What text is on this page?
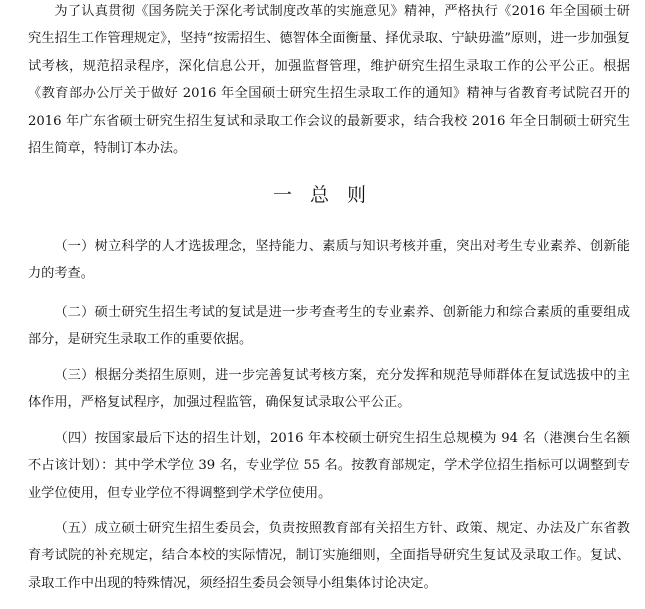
为了认真贯彻《国务院关于深化考试制度改革的实施意见》精神，严格执行《2016 年全国硕士研究生招生工作管理规定》，坚持“按需招生、德智体全面衡量、择优录取、宁缺毋滥”原则，进一步加强复试考核，规范招录程序，深化信息公开，加强监督管理，维护研究生招生录取工作的公平公正。根据《教育部办公厅关于做好 2016 年全国硕士研究生招生录取工作的通知》精神与省教育考试院召开的 2016 年广东省硕士研究生招生复试和录取工作会议的最新要求，结合我校 2016 年全日制硕士研究生招生简章，特制订本办法。

一 总 则

（一）树立科学的人才选拔理念，坚持能力、素质与知识考核并重，突出对考生专业素养、创新能力的考查。

（二）硕士研究生招生考试的复试是进一步考查考生的专业素养、创新能力和综合素质的重要组成部分，是研究生录取工作的重要依据。

（三）根据分类招生原则，进一步完善复试考核方案，充分发挥和规范导师群体在复试选拔中的主体作用，严格复试程序，加强过程监管，确保复试录取公平公正。

（四）按国家最后下达的招生计划，2016 年本校硕士研究生招生总规模为 94 名（港澳台生名额不占该计划）：其中学术学位 39 名，专业学位 55 名。按教育部规定，学术学位招生指标可以调整到专业学位使用，但专业学位不得调整到学术学位使用。

（五）成立硕士研究生招生委员会，负责按照教育部有关招生方针、政策、规定、办法及广东省教育考试院的补充规定，结合本校的实际情况，制订实施细则，全面指导研究生复试及录取工作。复试、录取工作中出现的特殊情况，须经招生委员会领导小组集体讨论决定。
